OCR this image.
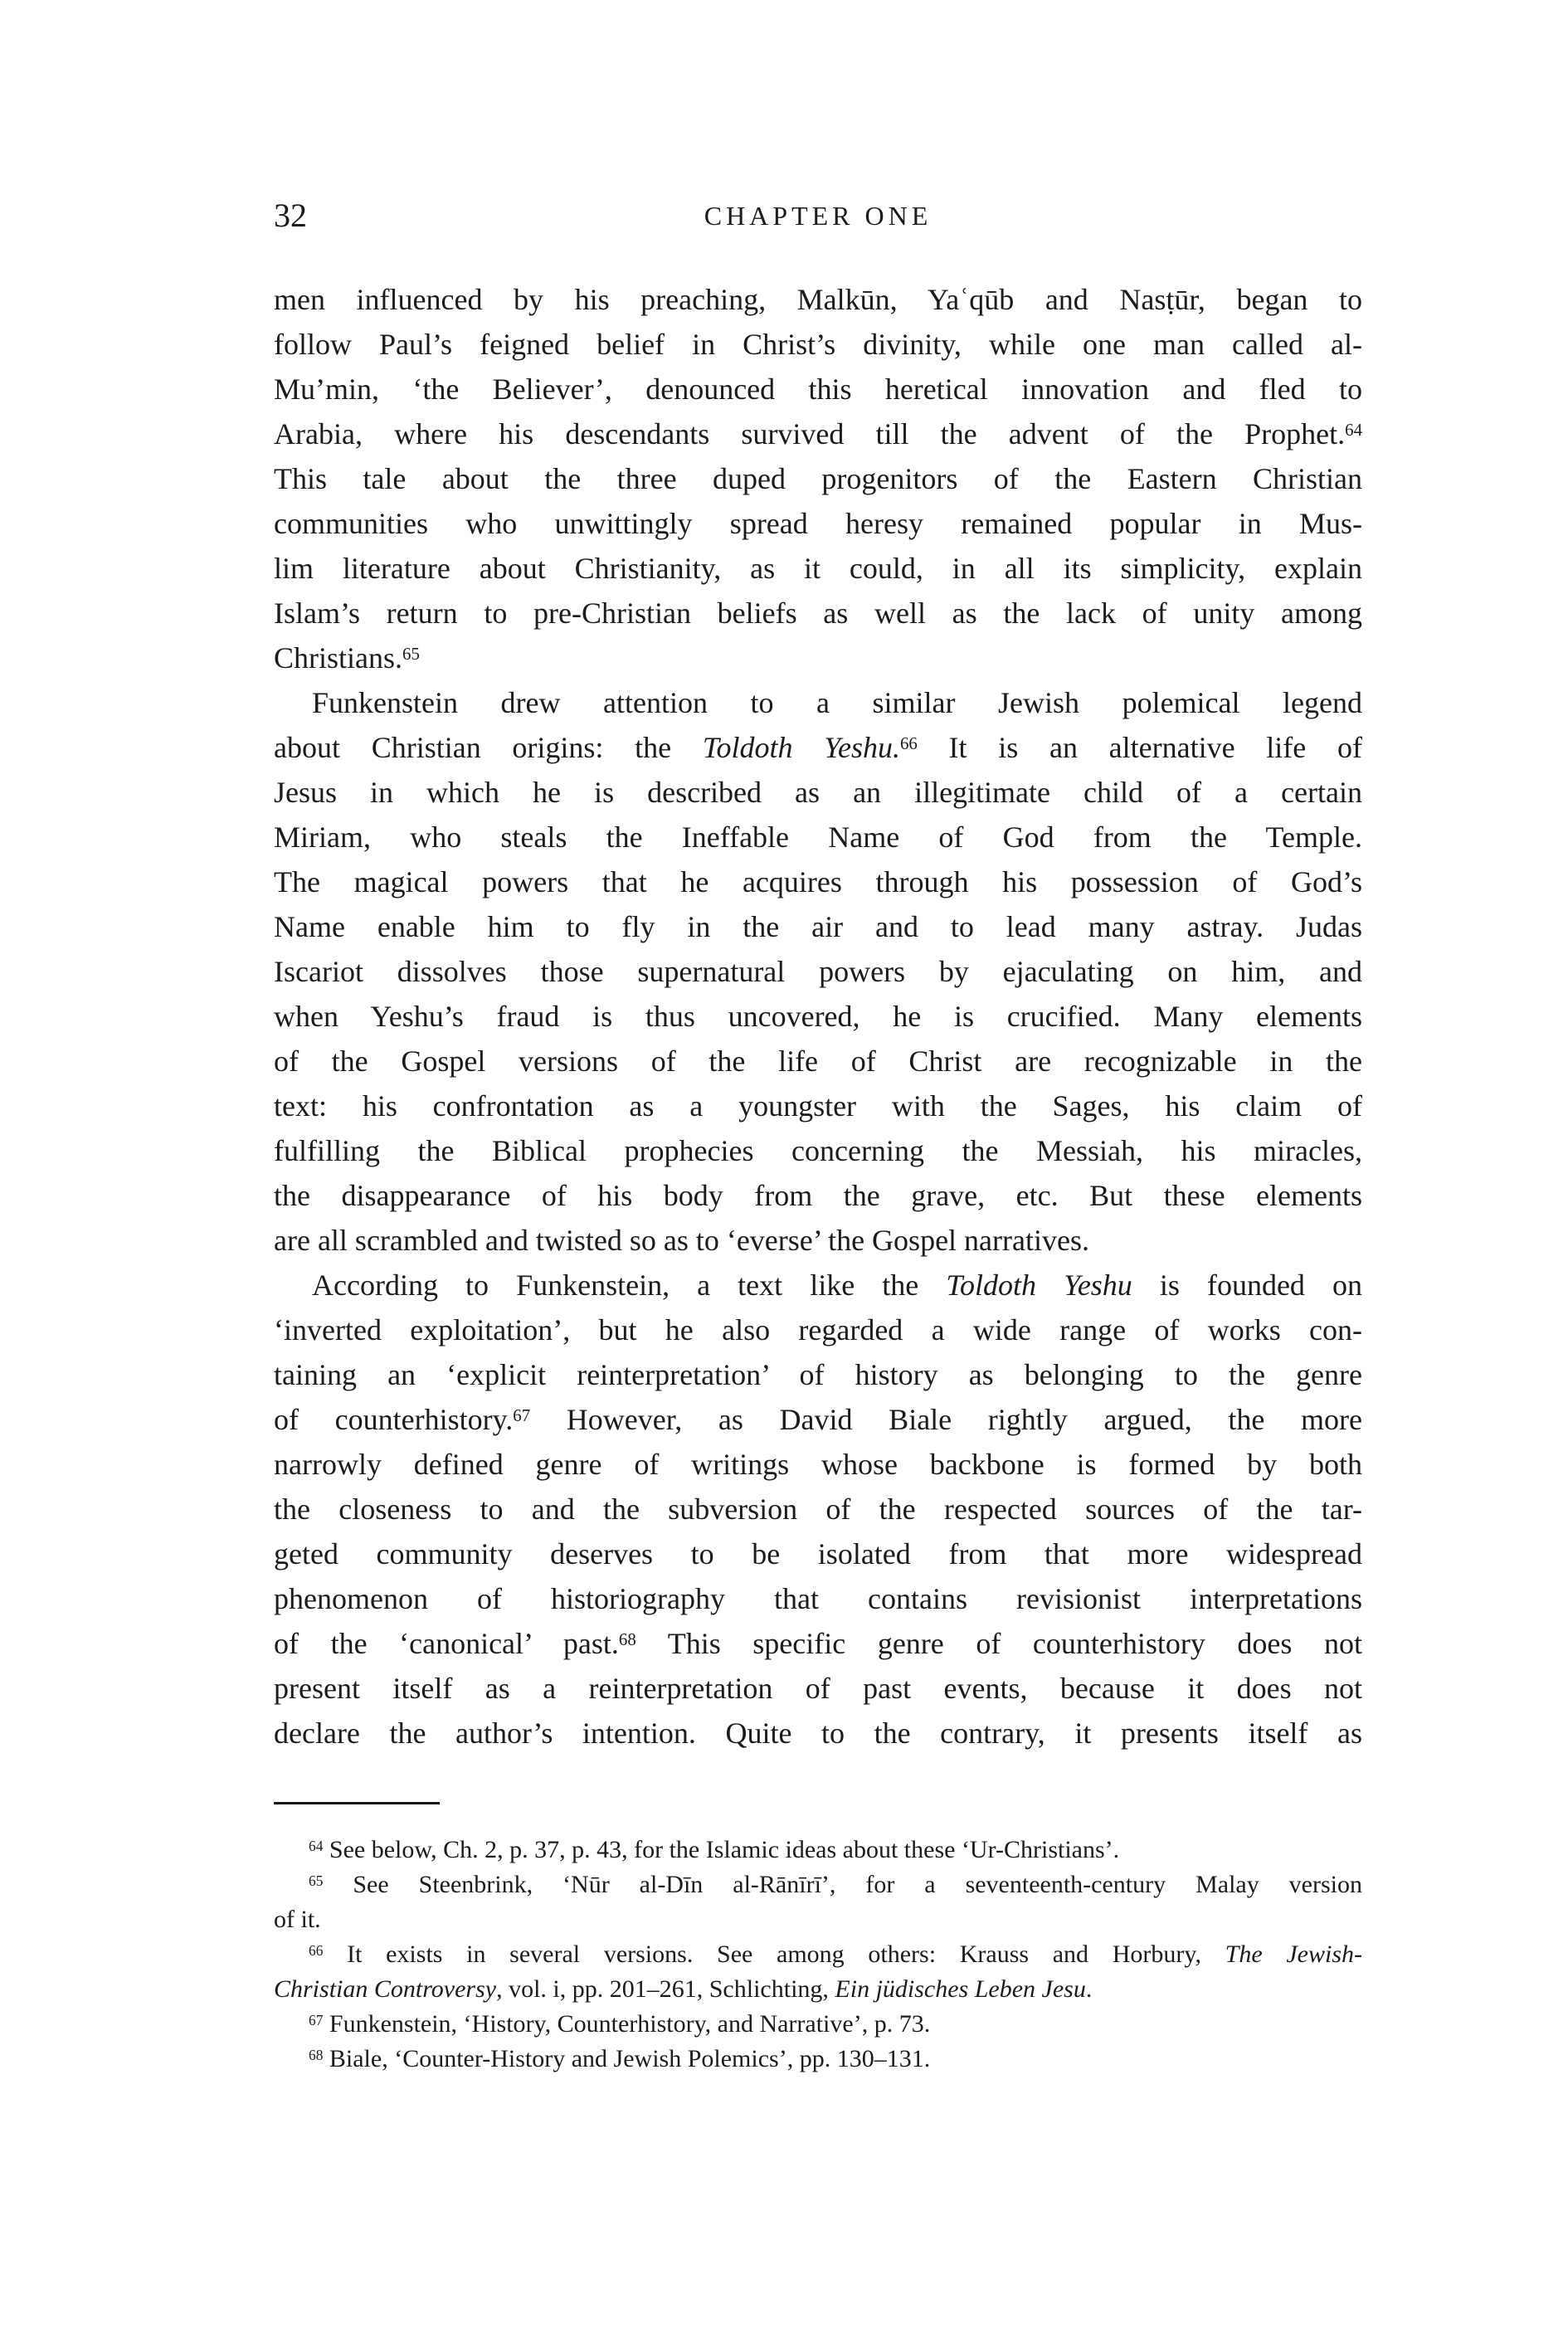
32	CHAPTER ONE
men influenced by his preaching, Malkūn, Yaʿqūb and Nasṭūr, began to
follow Paul’s feigned belief in Christ’s divinity, while one man called al-
Mu’min, ‘the Believer’, denounced this heretical innovation and fled to
Arabia, where his descendants survived till the advent of the Prophet.$^{64}$
This tale about the three duped progenitors of the Eastern Christian
communities who unwittingly spread heresy remained popular in Mus-
lim literature about Christianity, as it could, in all its simplicity, explain
Islam’s return to pre-Christian beliefs as well as the lack of unity among
Christians.$^{65}$
Funkenstein drew attention to a similar Jewish polemical legend
about Christian origins: the Toldoth Yeshu.$^{66}$ It is an alternative life of
Jesus in which he is described as an illegitimate child of a certain
Miriam, who steals the Ineffable Name of God from the Temple.
The magical powers that he acquires through his possession of God’s
Name enable him to fly in the air and to lead many astray. Judas
Iscariot dissolves those supernatural powers by ejaculating on him, and
when Yeshu’s fraud is thus uncovered, he is crucified. Many elements
of the Gospel versions of the life of Christ are recognizable in the
text: his confrontation as a youngster with the Sages, his claim of
fulfilling the Biblical prophecies concerning the Messiah, his miracles,
the disappearance of his body from the grave, etc. But these elements
are all scrambled and twisted so as to ‘everse’ the Gospel narratives.
According to Funkenstein, a text like the Toldoth Yeshu is founded on
‘inverted exploitation’, but he also regarded a wide range of works con-
taining an ‘explicit reinterpretation’ of history as belonging to the genre
of counterhistory.$^{67}$ However, as David Biale rightly argued, the more
narrowly defined genre of writings whose backbone is formed by both
the closeness to and the subversion of the respected sources of the tar-
geted community deserves to be isolated from that more widespread
phenomenon of historiography that contains revisionist interpretations
of the ‘canonical’ past.$^{68}$ This specific genre of counterhistory does not
present itself as a reinterpretation of past events, because it does not
declare the author’s intention. Quite to the contrary, it presents itself as
$^{64}$ See below, Ch. 2, p. 37, p. 43, for the Islamic ideas about these ‘Ur-Christians’.
$^{65}$ See Steenbrink, ‘Nūr al-Dīn al-Rānīrī’, for a seventeenth-century Malay version
of it.
$^{66}$ It exists in several versions. See among others: Krauss and Horbury, The Jewish-
Christian Controversy, vol. i, pp. 201–261, Schlichting, Ein jüdisches Leben Jesu.
$^{67}$ Funkenstein, ‘History, Counterhistory, and Narrative’, p. 73.
$^{68}$ Biale, ‘Counter-History and Jewish Polemics’, pp. 130–131.
